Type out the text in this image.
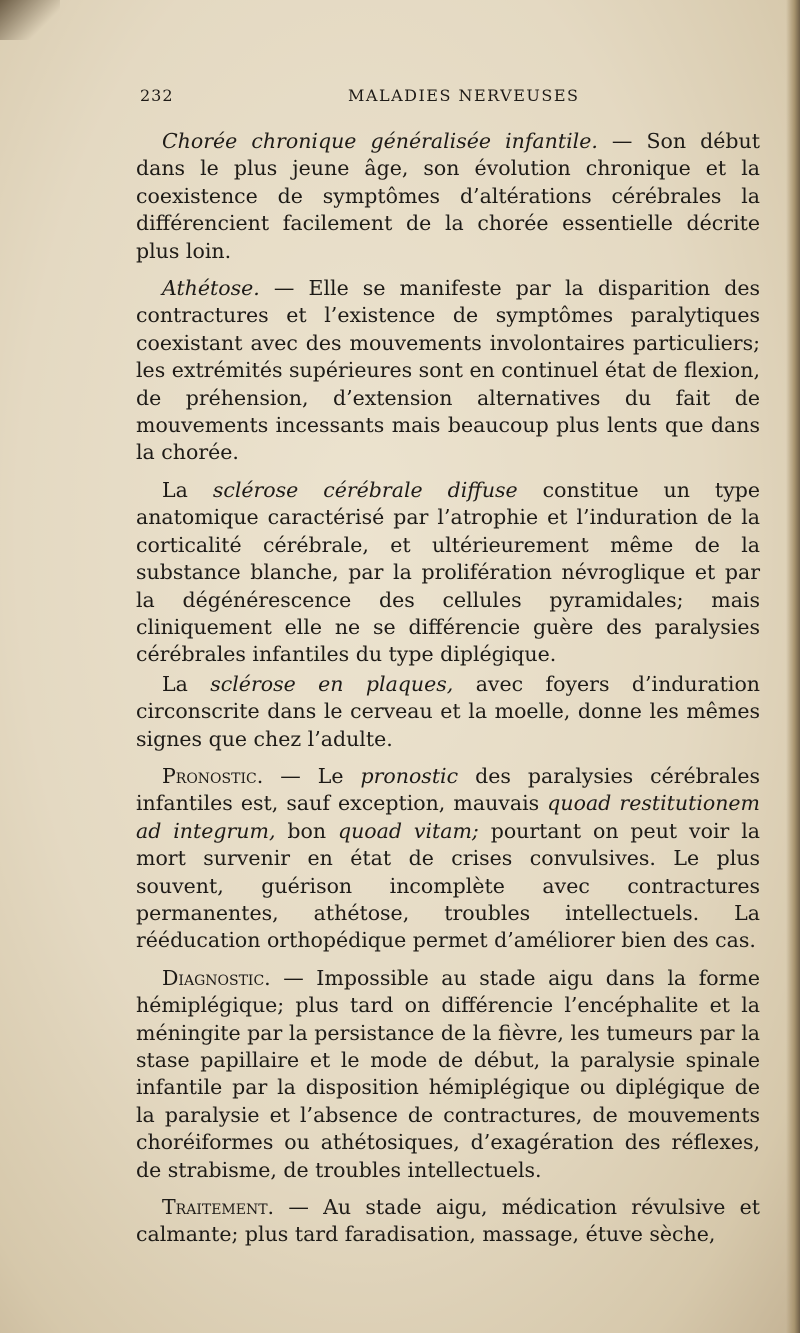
232	MALADIES NERVEUSES

Chorée chronique généralisée infantile. — Son début dans le plus jeune âge, son évolution chronique et la coexistence de symptômes d’altérations cérébrales la différencient facilement de la chorée essentielle décrite plus loin.

Athétose. — Elle se manifeste par la disparition des contractures et l’existence de symptômes paralytiques coexistant avec des mouvements involontaires particuliers; les extrémités supérieures sont en continuel état de flexion, de préhension, d’extension alternatives du fait de mouvements incessants mais beaucoup plus lents que dans la chorée.

La sclérose cérébrale diffuse constitue un type anatomique caractérisé par l’atrophie et l’induration de la corticalité cérébrale, et ultérieurement même de la substance blanche, par la prolifération névroglique et par la dégénérescence des cellules pyramidales; mais cliniquement elle ne se différencie guère des paralysies cérébrales infantiles du type diplégique.

La sclérose en plaques, avec foyers d’induration circonscrite dans le cerveau et la moelle, donne les mêmes signes que chez l’adulte.

Pronostic. — Le pronostic des paralysies cérébrales infantiles est, sauf exception, mauvais quoad restitutionem ad integrum, bon quoad vitam; pourtant on peut voir la mort survenir en état de crises convulsives. Le plus souvent, guérison incomplète avec contractures permanentes, athétose, troubles intellectuels. La rééducation orthopédique permet d’améliorer bien des cas.

Diagnostic. — Impossible au stade aigu dans la forme hémiplégique; plus tard on différencie l’encéphalite et la méningite par la persistance de la fièvre, les tumeurs par la stase papillaire et le mode de début, la paralysie spinale infantile par la disposition hémiplégique ou diplégique de la paralysie et l’absence de contractures, de mouvements choréiformes ou athétosiques, d’exagération des réflexes, de strabisme, de troubles intellectuels.

Traitement. — Au stade aigu, médication révulsive et calmante; plus tard faradisation, massage, étuve sèche,
